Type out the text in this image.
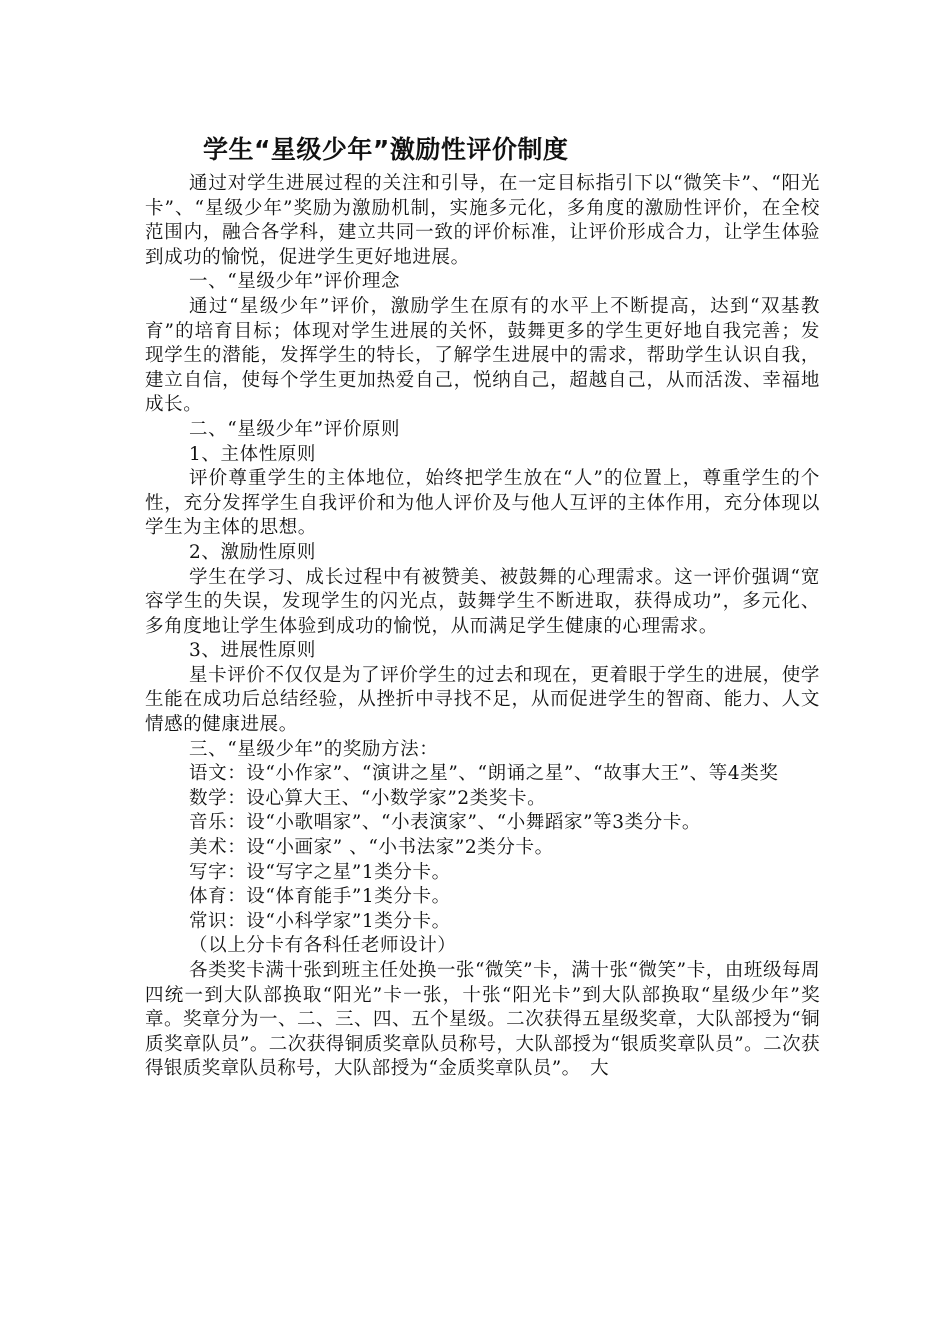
学生“星级少年”激励性评价制度

通过对学生进展过程的关注和引导，在一定目标指引下以“微笑卡”、“阳光卡”、“星级少年”奖励为激励机制，实施多元化，多角度的激励性评价，在全校范围内，融合各学科，建立共同一致的评价标准，让评价形成合力，让学生体验到成功的愉悦，促进学生更好地进展。

一、“星级少年”评价理念

通过“星级少年”评价，激励学生在原有的水平上不断提高，达到“双基教育”的培育目标；体现对学生进展的关怀，鼓舞更多的学生更好地自我完善；发现学生的潜能，发挥学生的特长，了解学生进展中的需求，帮助学生认识自我，建立自信，使每个学生更加热爱自己，悦纳自己，超越自己，从而活泼、幸福地成长。

二、“星级少年”评价原则

1、主体性原则

评价尊重学生的主体地位，始终把学生放在“人”的位置上，尊重学生的个性，充分发挥学生自我评价和为他人评价及与他人互评的主体作用，充分体现以学生为主体的思想。

2、激励性原则

学生在学习、成长过程中有被赞美、被鼓舞的心理需求。这一评价强调“宽容学生的失误，发现学生的闪光点，鼓舞学生不断进取，获得成功”，多元化、多角度地让学生体验到成功的愉悦，从而满足学生健康的心理需求。

3、进展性原则

星卡评价不仅仅是为了评价学生的过去和现在，更着眼于学生的进展，使学生能在成功后总结经验，从挫折中寻找不足，从而促进学生的智商、能力、人文情感的健康进展。

三、“星级少年”的奖励方法：

语文：设“小作家”、“演讲之星”、“朗诵之星”、“故事大王”、等4类奖

数学：设心算大王、“小数学家”2类奖卡。

音乐：设“小歌唱家”、“小表演家”、“小舞蹈家”等3类分卡。

美术：设“小画家” 、“小书法家”2类分卡。

写字：设“写字之星”1类分卡。

体育：设“体育能手”1类分卡。

常识：设“小科学家”1类分卡。

（以上分卡有各科任老师设计）

各类奖卡满十张到班主任处换一张“微笑”卡，满十张“微笑”卡，由班级每周四统一到大队部换取“阳光”卡一张，十张“阳光卡”到大队部换取“星级少年”奖章。奖章分为一、二、三、四、五个星级。二次获得五星级奖章，大队部授为“铜质奖章队员”。二次获得铜质奖章队员称号，大队部授为“银质奖章队员”。二次获得银质奖章队员称号，大队部授为“金质奖章队员”。　大
